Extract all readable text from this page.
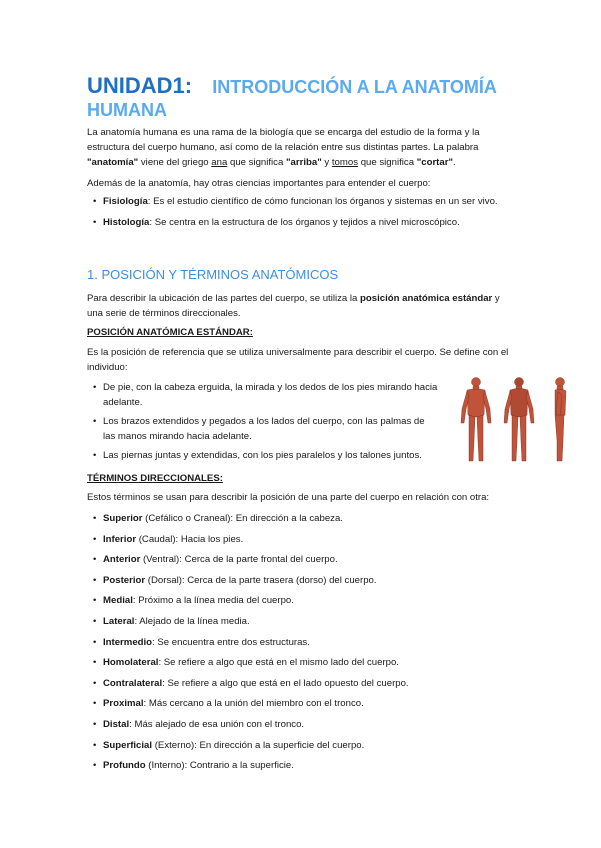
UNIDAD1: INTRODUCCIÓN A LA ANATOMÍA
HUMANA
La anatomía humana es una rama de la biología que se encarga del estudio de la forma y la estructura del cuerpo humano, así como de la relación entre sus distintas partes. La palabra "anatomía" viene del griego ana que significa "arriba" y tomos que significa "cortar".
Además de la anatomía, hay otras ciencias importantes para entender el cuerpo:
• Fisiología: Es el estudio científico de cómo funcionan los órganos y sistemas en un ser vivo.
• Histología: Se centra en la estructura de los órganos y tejidos a nivel microscópico.
1. POSICIÓN Y TÉRMINOS ANATÓMICOS
Para describir la ubicación de las partes del cuerpo, se utiliza la posición anatómica estándar y una serie de términos direccionales.
POSICIÓN ANATÓMICA ESTÁNDAR:
Es la posición de referencia que se utiliza universalmente para describir el cuerpo. Se define con el individuo:
• De pie, con la cabeza erguida, la mirada y los dedos de los pies mirando hacia adelante.
• Los brazos extendidos y pegados a los lados del cuerpo, con las palmas de las manos mirando hacia adelante.
• Las piernas juntas y extendidas, con los pies paralelos y los talones juntos.
TÉRMINOS DIRECCIONALES:
Estos términos se usan para describir la posición de una parte del cuerpo en relación con otra:
• Superior (Cefálico o Craneal): En dirección a la cabeza.
• Inferior (Caudal): Hacia los pies.
• Anterior (Ventral): Cerca de la parte frontal del cuerpo.
• Posterior (Dorsal): Cerca de la parte trasera (dorso) del cuerpo.
• Medial: Próximo a la línea media del cuerpo.
• Lateral: Alejado de la línea media.
• Intermedio: Se encuentra entre dos estructuras.
• Homolateral: Se refiere a algo que está en el mismo lado del cuerpo.
• Contralateral: Se refiere a algo que está en el lado opuesto del cuerpo.
• Proximal: Más cercano a la unión del miembro con el tronco.
• Distal: Más alejado de esa unión con el tronco.
• Superficial (Externo): En dirección a la superficie del cuerpo.
• Profundo (Interno): Contrario a la superficie.
